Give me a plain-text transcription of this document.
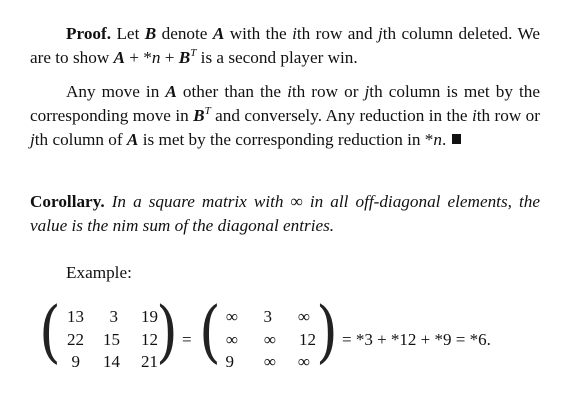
Proof. Let B denote A with the ith row and jth column deleted. We are to show $A + *n + B^T$ is a second player win.

Any move in A other than the ith row or jth column is met by the corresponding move in $B^T$ and conversely. Any reduction in the ith row or jth column of A is met by the corresponding reduction in *n.

Corollary. In a square matrix with ∞ in all off-diagonal elements, the value is the nim sum of the diagonal entries.

Example:
( )
13	3	19
22 15	12
9 14	21
= ( )
∞	3	∞
∞	∞	12
9	∞	∞
= *3 + *12 + *9 = *6.
